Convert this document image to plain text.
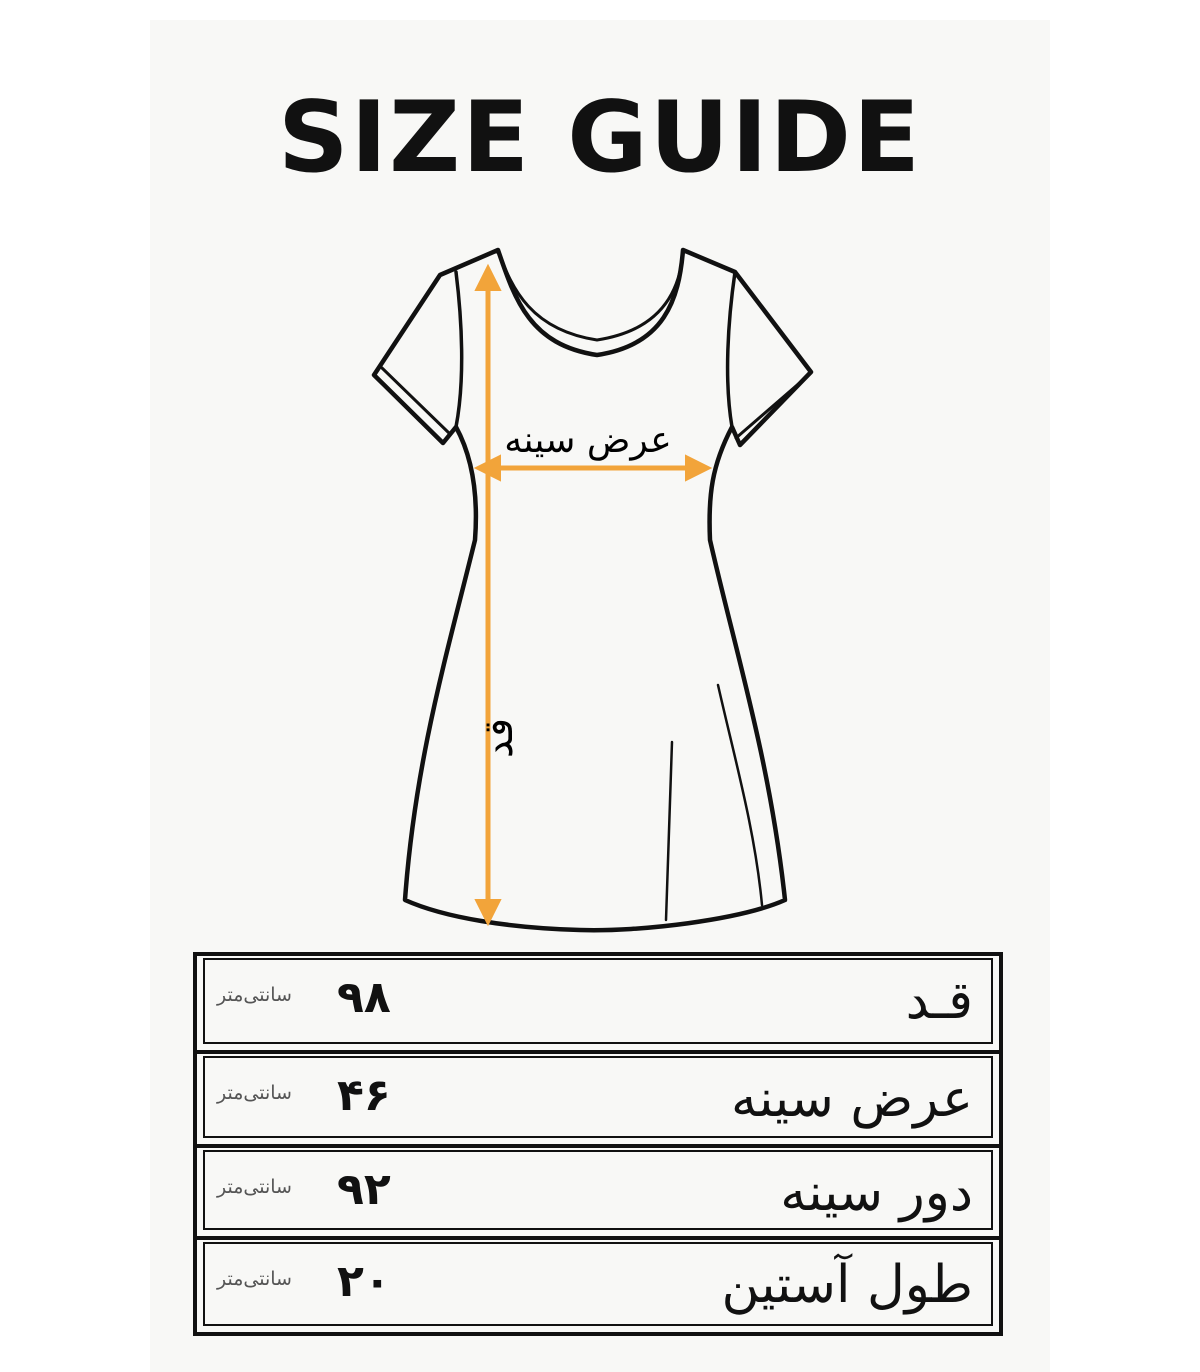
SIZE GUIDE
عرض سینه
قد
قـد
۹۸
سانتی‌متر
عرض سینه
۴۶
سانتی‌متر
دور سینه
۹۲
سانتی‌متر
طول آستین
۲۰
سانتی‌متر
